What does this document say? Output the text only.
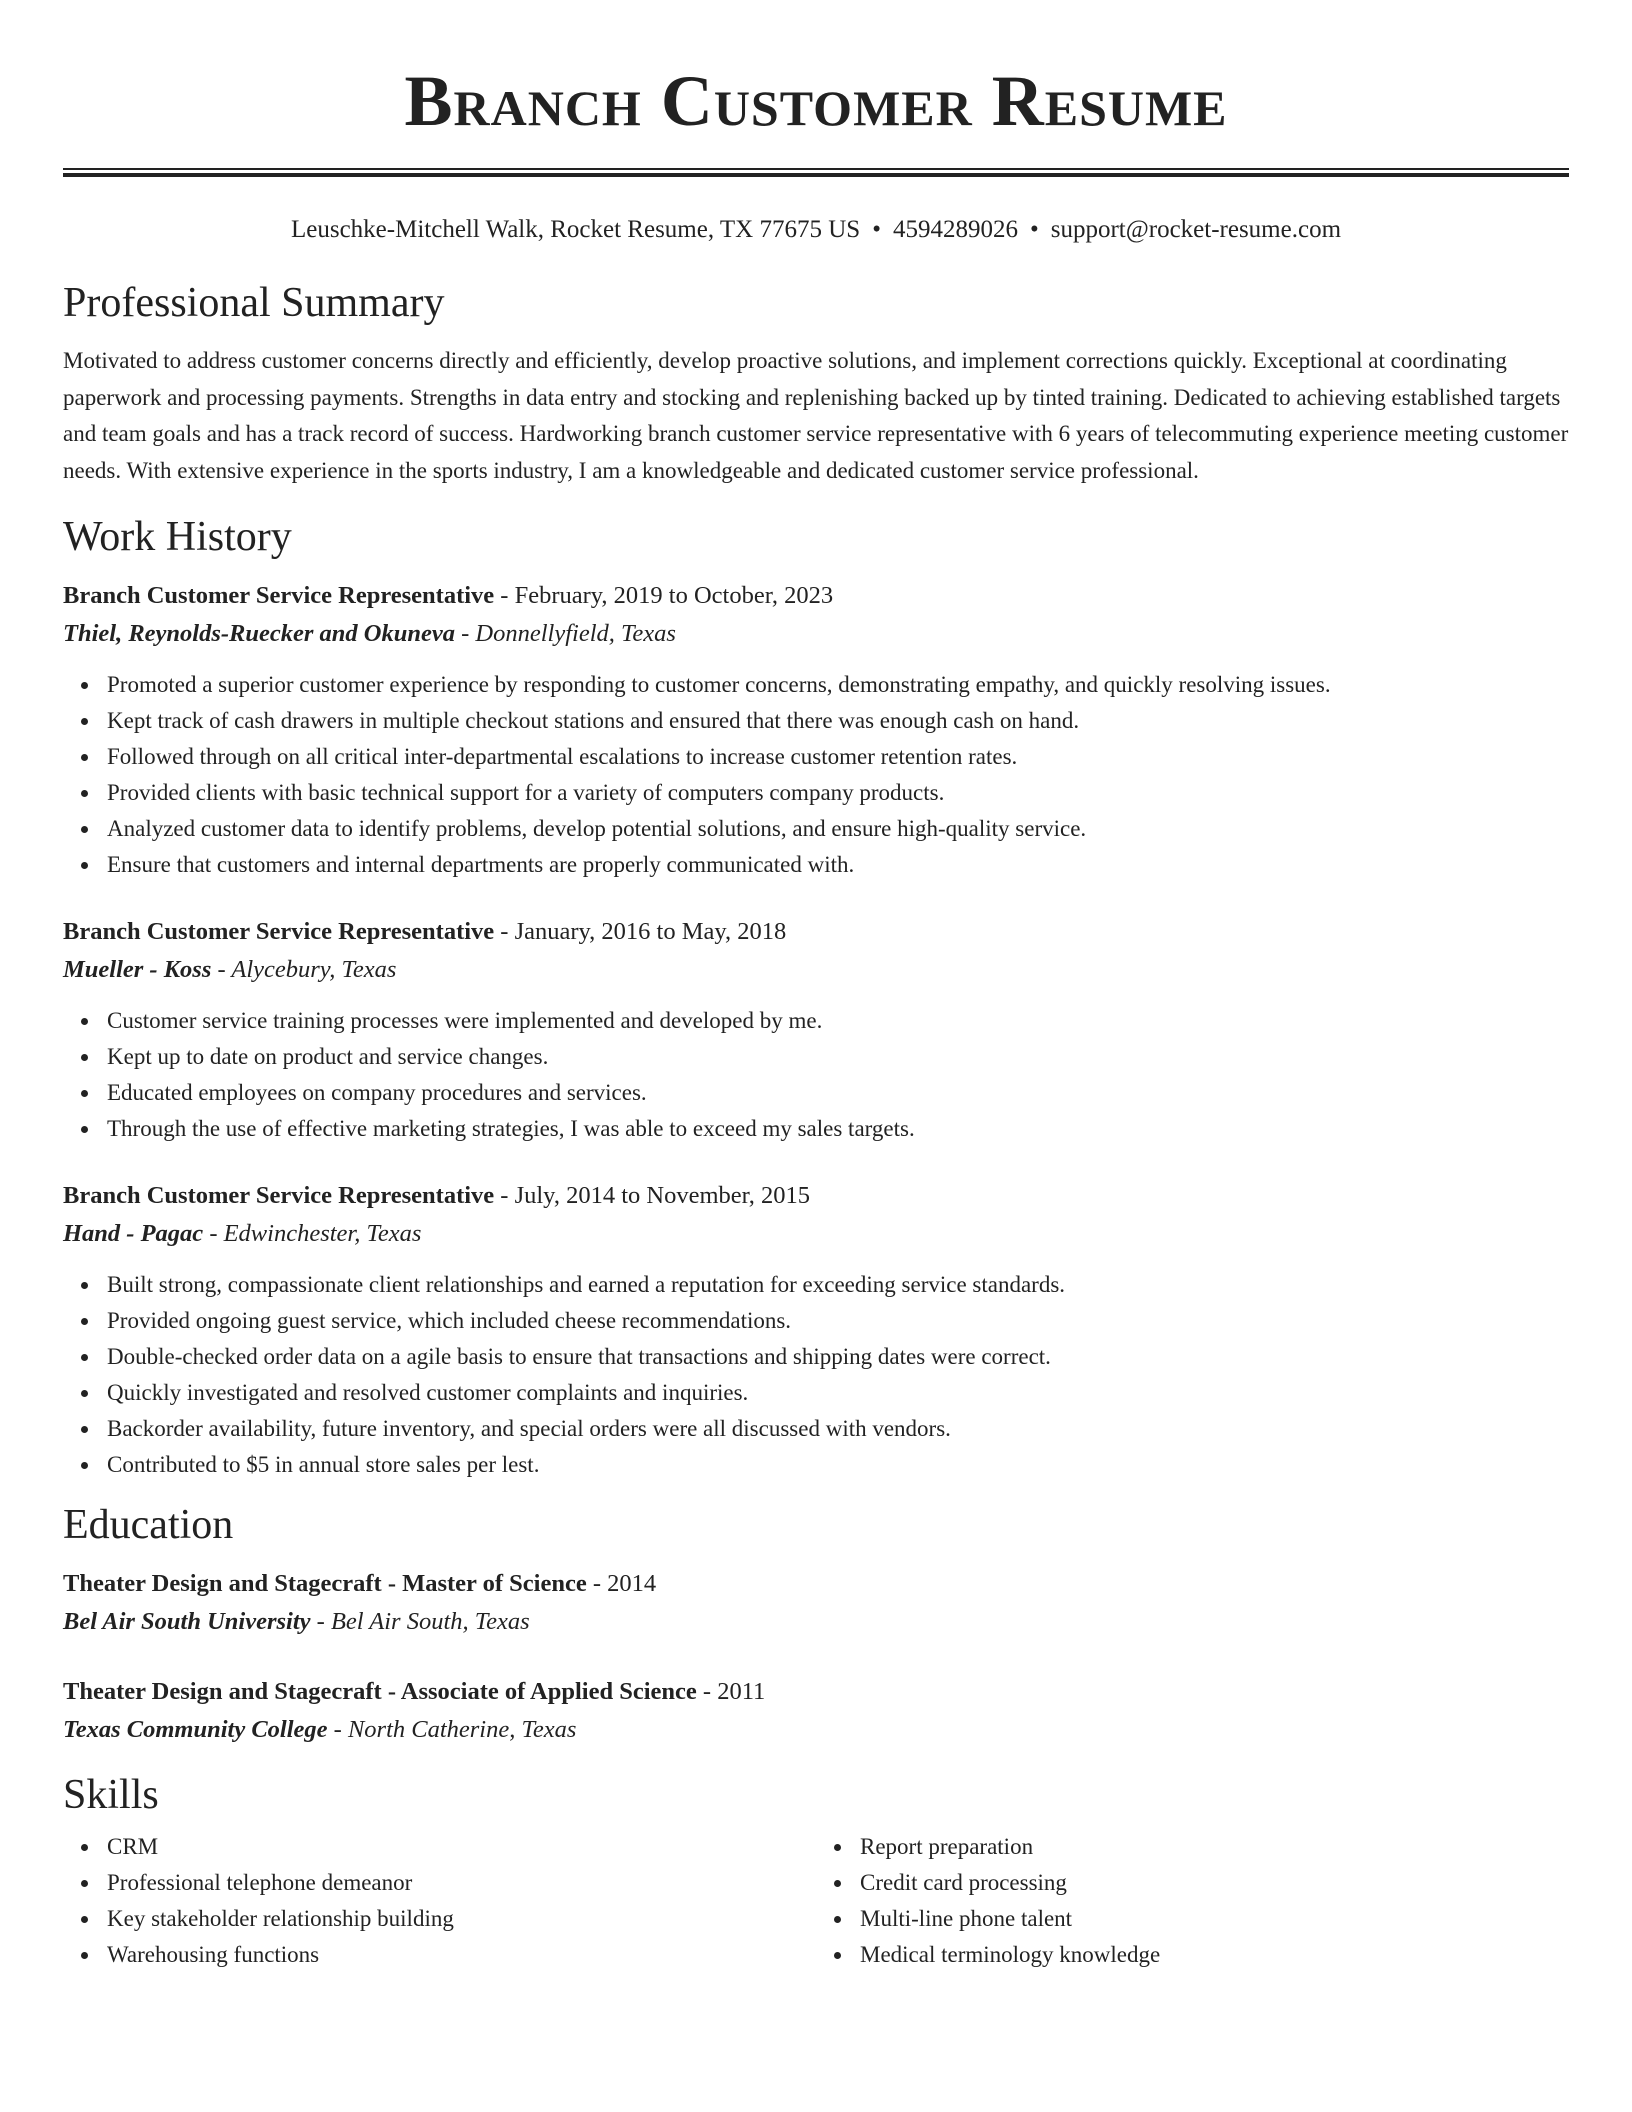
Branch Customer Resume
Leuschke-Mitchell Walk, Rocket Resume, TX 77675 US • 4594289026 • support@rocket-resume.com
Professional Summary

Motivated to address customer concerns directly and efficiently, develop proactive solutions, and implement corrections quickly. Exceptional at coordinating paperwork and processing payments. Strengths in data entry and stocking and replenishing backed up by tinted training. Dedicated to achieving established targets and team goals and has a track record of success. Hardworking branch customer service representative with 6 years of telecommuting experience meeting customer needs. With extensive experience in the sports industry, I am a knowledgeable and dedicated customer service professional.

Work History
Branch Customer Service Representative - February, 2019 to October, 2023
Thiel, Reynolds-Ruecker and Okuneva - Donnellyfield, Texas
Promoted a superior customer experience by responding to customer concerns, demonstrating empathy, and quickly resolving issues.
Kept track of cash drawers in multiple checkout stations and ensured that there was enough cash on hand.
Followed through on all critical inter-departmental escalations to increase customer retention rates.
Provided clients with basic technical support for a variety of computers company products.
Analyzed customer data to identify problems, develop potential solutions, and ensure high-quality service.
Ensure that customers and internal departments are properly communicated with.
Branch Customer Service Representative - January, 2016 to May, 2018
Mueller - Koss - Alycebury, Texas
Customer service training processes were implemented and developed by me.
Kept up to date on product and service changes.
Educated employees on company procedures and services.
Through the use of effective marketing strategies, I was able to exceed my sales targets.
Branch Customer Service Representative - July, 2014 to November, 2015
Hand - Pagac - Edwinchester, Texas
Built strong, compassionate client relationships and earned a reputation for exceeding service standards.
Provided ongoing guest service, which included cheese recommendations.
Double-checked order data on a agile basis to ensure that transactions and shipping dates were correct.
Quickly investigated and resolved customer complaints and inquiries.
Backorder availability, future inventory, and special orders were all discussed with vendors.
Contributed to $5 in annual store sales per lest.
Education
Theater Design and Stagecraft - Master of Science - 2014
Bel Air South University - Bel Air South, Texas
Theater Design and Stagecraft - Associate of Applied Science - 2011
Texas Community College - North Catherine, Texas
Skills
CRM
Professional telephone demeanor
Key stakeholder relationship building
Warehousing functions
Report preparation
Credit card processing
Multi-line phone talent
Medical terminology knowledge
